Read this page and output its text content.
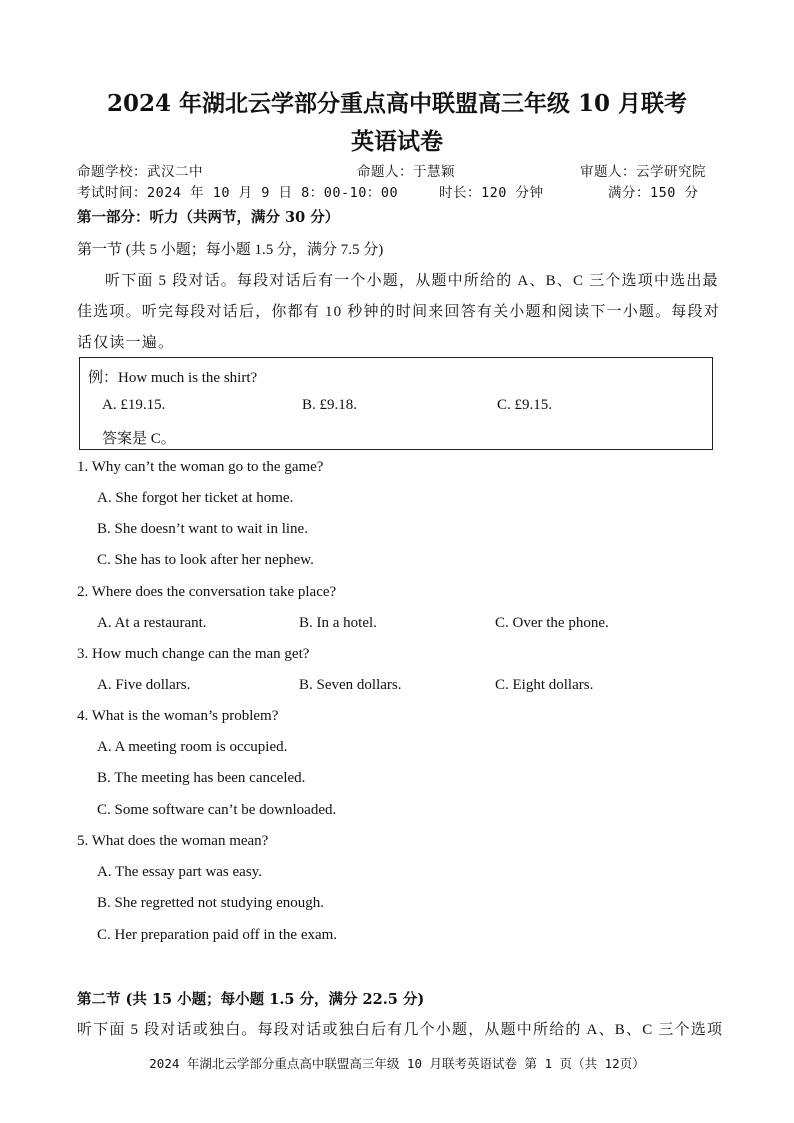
2024 年湖北云学部分重点高中联盟高三年级 10 月联考
英语试卷
命题学校：武汉二中	命题人：于慧颖	审题人：云学研究院
考试时间：2024 年 10 月 9 日 8：00-10：00	时长：120 分钟	满分：150 分
第一部分：听力（共两节，满分 30 分）
第一节 (共 5 小题；每小题 1.5 分，满分 7.5 分)
听下面 5 段对话。每段对话后有一个小题，从题中所给的 A、B、C 三个选项中选出最
佳选项。听完每段对话后，你都有 10 秒钟的时间来回答有关小题和阅读下一小题。每段对
话仅读一遍。
例：How much is the shirt?
A. £19.15.	B. £9.18.	C. £9.15.
答案是 C。
1. Why can’t the woman go to the game?
A. She forgot her ticket at home.
B. She doesn’t want to wait in line.
C. She has to look after her nephew.
2. Where does the conversation take place?
A. At a restaurant.	B. In a hotel.	C. Over the phone.
3. How much change can the man get?
A. Five dollars.	B. Seven dollars.	C. Eight dollars.
4. What is the woman’s problem?
A. A meeting room is occupied.
B. The meeting has been canceled.
C. Some software can’t be downloaded.
5. What does the woman mean?
A. The essay part was easy.
B. She regretted not studying enough.
C. Her preparation paid off in the exam.
第二节 (共 15 小题；每小题 1.5 分，满分 22.5 分)
听下面 5 段对话或独白。每段对话或独白后有几个小题，从题中所给的 A、B、C 三个选项
2024 年湖北云学部分重点高中联盟高三年级 10 月联考英语试卷 第 1 页（共 12页）
